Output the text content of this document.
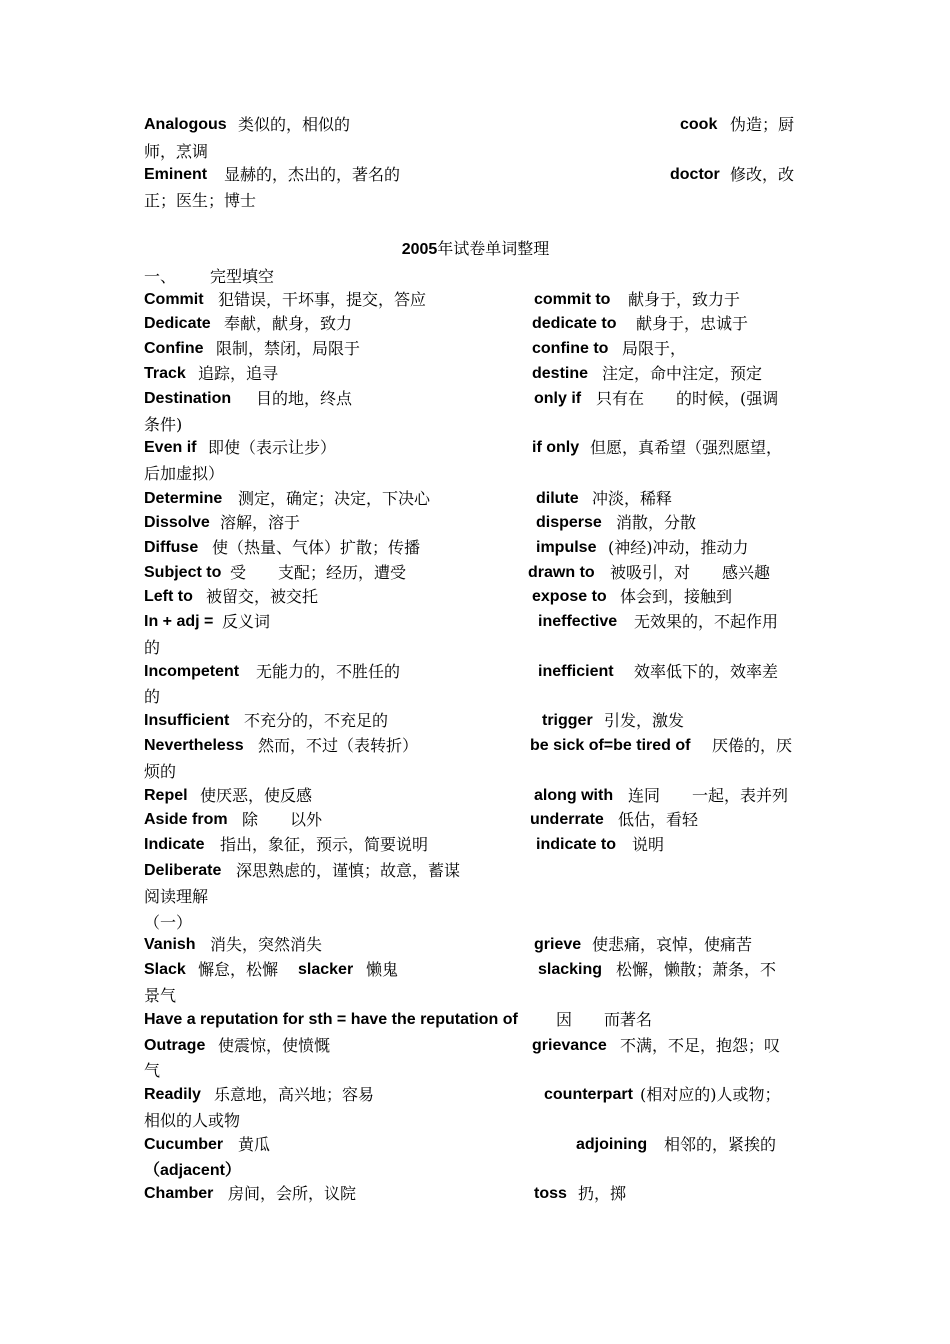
Analogous 类似的，相似的	cook 伪造；厨
师，烹调
Eminent 显赫的，杰出的，著名的	doctor 修改，改
正；医生；博士
2005年试卷单词整理
一、 完型填空
Commit 犯错误，干坏事，提交，答应	commit to 献身于，致力于
Dedicate 奉献，献身，致力	dedicate to 献身于，忠诚于
Confine 限制，禁闭，局限于	confine to 局限于，
Track 追踪，追寻	destine 注定，命中注定，预定
Destination 目的地，终点	only if 只有在　　的时候，(强调
条件)
Even if 即使（表示让步）	if only 但愿，真希望（强烈愿望，
后加虚拟）
Determine 测定，确定；决定，下决心	dilute 冲淡，稀释
Dissolve 溶解，溶于	disperse 消散，分散
Diffuse 使（热量、气体）扩散；传播	impulse (神经)冲动，推动力
Subject to 受　　支配；经历，遭受	drawn to 被吸引，对　　感兴趣
Left to 被留交，被交托	expose to 体会到，接触到
In + adj = 反义词	ineffective 无效果的，不起作用
的
Incompetent 无能力的，不胜任的	inefficient 效率低下的，效率差
的
Insufficient 不充分的，不充足的	trigger 引发，激发
Nevertheless 然而，不过（表转折）	be sick of=be tired of 厌倦的，厌
烦的
Repel 使厌恶，使反感	along with 连同　　一起，表并列
Aside from 除　　以外	underrate 低估，看轻
Indicate 指出，象征，预示，简要说明	indicate to 说明
Deliberate 深思熟虑的，谨慎；故意，蓄谋
阅读理解
（一）
Vanish 消失，突然消失	grieve 使悲痛，哀悼，使痛苦
Slack 懈怠，松懈 slacker 懒鬼	slacking 松懈，懒散；萧条，不
景气
Have a reputation for sth = have the reputation of 因　　而著名
Outrage 使震惊，使愤慨	grievance 不满，不足，抱怨；叹
气
Readily 乐意地，高兴地；容易	counterpart (相对应的)人或物；
相似的人或物
Cucumber 黄瓜	adjoining 相邻的，紧挨的
（adjacent）
Chamber 房间，会所，议院	toss 扔，掷
